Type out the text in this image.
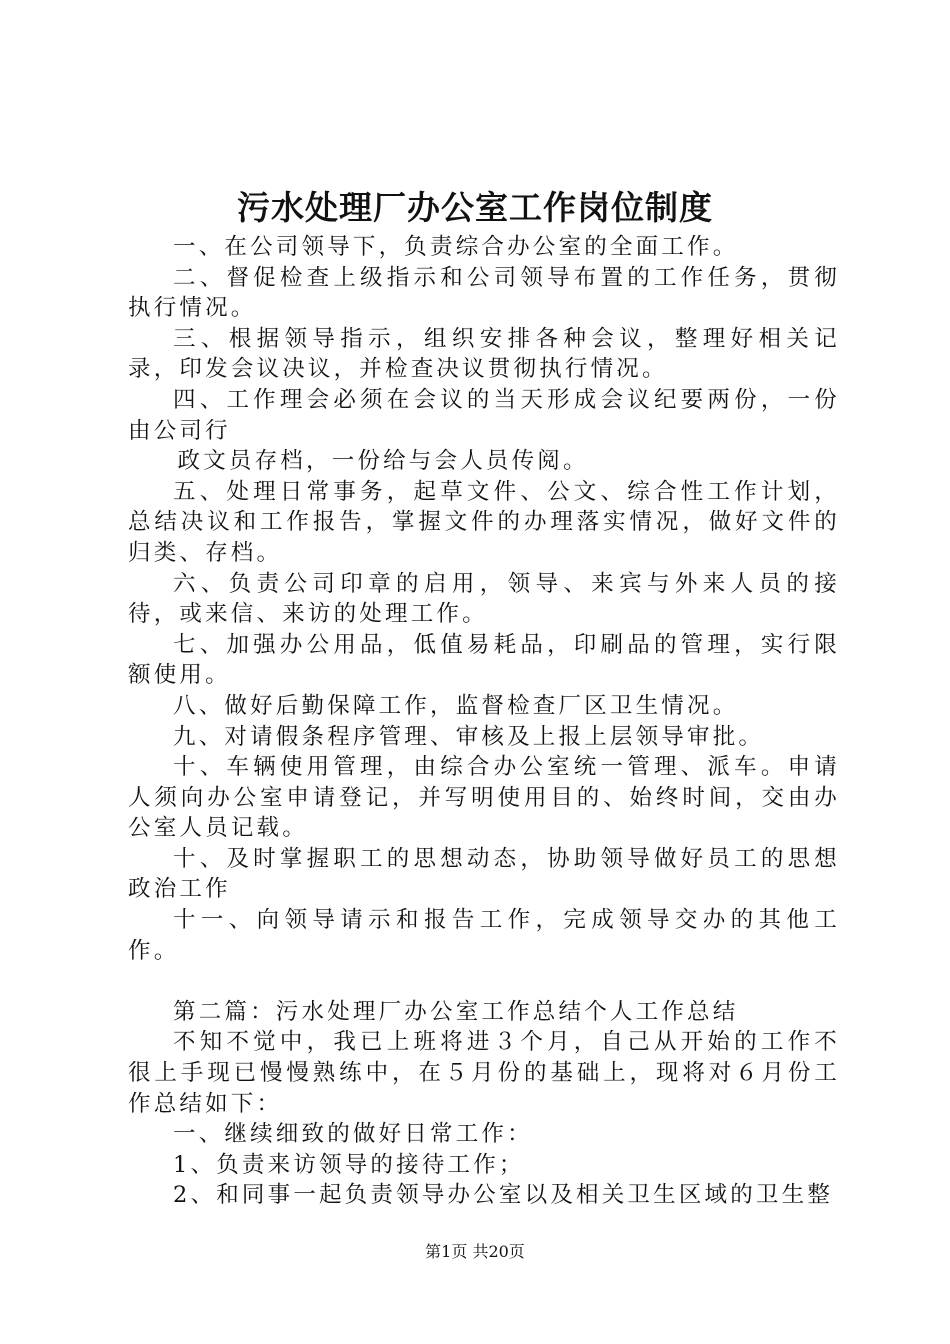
污水处理厂办公室工作岗位制度

一、在公司领导下，负责综合办公室的全面工作。

二、督促检查上级指示和公司领导布置的工作任务，贯彻执行情况。

三、根据领导指示，组织安排各种会议，整理好相关记录，印发会议决议，并检查决议贯彻执行情况。

四、工作理会必须在会议的当天形成会议纪要两份，一份由公司行

政文员存档，一份给与会人员传阅。

五、处理日常事务，起草文件、公文、综合性工作计划，总结决议和工作报告，掌握文件的办理落实情况，做好文件的归类、存档。

六、负责公司印章的启用，领导、来宾与外来人员的接待，或来信、来访的处理工作。

七、加强办公用品，低值易耗品，印刷品的管理，实行限额使用。

八、做好后勤保障工作，监督检查厂区卫生情况。

九、对请假条程序管理、审核及上报上层领导审批。

十、车辆使用管理，由综合办公室统一管理、派车。申请人须向办公室申请登记，并写明使用目的、始终时间，交由办公室人员记载。

十、及时掌握职工的思想动态，协助领导做好员工的思想政治工作

十一、向领导请示和报告工作，完成领导交办的其他工作。

第二篇：污水处理厂办公室工作总结个人工作总结

不知不觉中，我已上班将进３个月，自己从开始的工作不很上手现已慢慢熟练中，在５月份的基础上，现将对６月份工作总结如下：

一、继续细致的做好日常工作：

1、负责来访领导的接待工作；

2、和同事一起负责领导办公室以及相关卫生区域的卫生整

第1页 共20页
